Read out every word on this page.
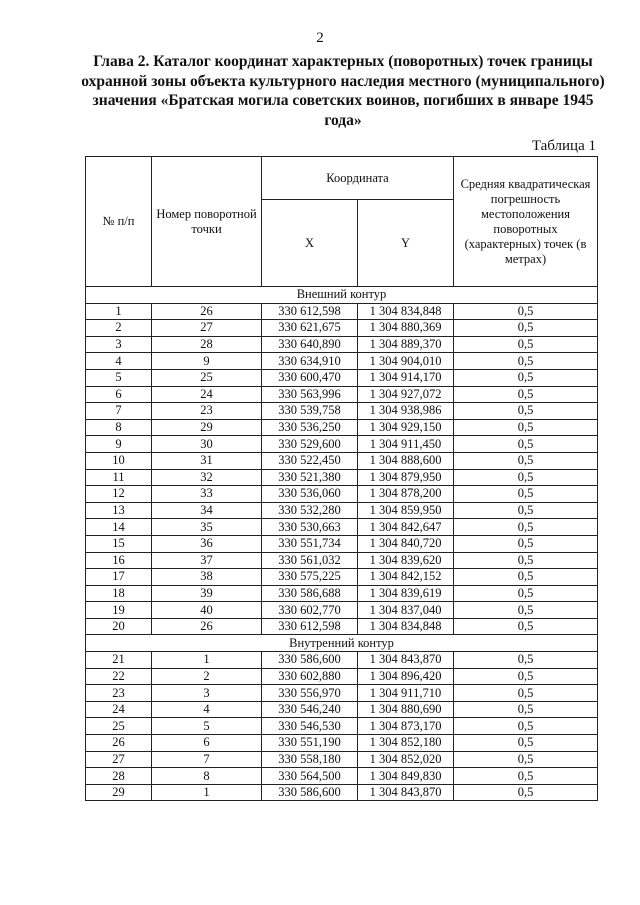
2
Глава 2. Каталог координат характерных (поворотных) точек границы охранной зоны объекта культурного наследия местного (муниципального) значения «Братская могила советских воинов, погибших в январе 1945 года»
Таблица 1
№ п/п	Номер поворотной точки	Координата		Средняя квадратическая погрешность местоположения поворотных (характерных) точек (в метрах)
		X	Y	
Внешний контур				
1	26	330 612,598	1 304 834,848	0,5
2	27	330 621,675	1 304 880,369	0,5
3	28	330 640,890	1 304 889,370	0,5
4	9	330 634,910	1 304 904,010	0,5
5	25	330 600,470	1 304 914,170	0,5
6	24	330 563,996	1 304 927,072	0,5
7	23	330 539,758	1 304 938,986	0,5
8	29	330 536,250	1 304 929,150	0,5
9	30	330 529,600	1 304 911,450	0,5
10	31	330 522,450	1 304 888,600	0,5
11	32	330 521,380	1 304 879,950	0,5
12	33	330 536,060	1 304 878,200	0,5
13	34	330 532,280	1 304 859,950	0,5
14	35	330 530,663	1 304 842,647	0,5
15	36	330 551,734	1 304 840,720	0,5
16	37	330 561,032	1 304 839,620	0,5
17	38	330 575,225	1 304 842,152	0,5
18	39	330 586,688	1 304 839,619	0,5
19	40	330 602,770	1 304 837,040	0,5
20	26	330 612,598	1 304 834,848	0,5
Внутренний контур				
21	1	330 586,600	1 304 843,870	0,5
22	2	330 602,880	1 304 896,420	0,5
23	3	330 556,970	1 304 911,710	0,5
24	4	330 546,240	1 304 880,690	0,5
25	5	330 546,530	1 304 873,170	0,5
26	6	330 551,190	1 304 852,180	0,5
27	7	330 558,180	1 304 852,020	0,5
28	8	330 564,500	1 304 849,830	0,5
29	1	330 586,600	1 304 843,870	0,5
